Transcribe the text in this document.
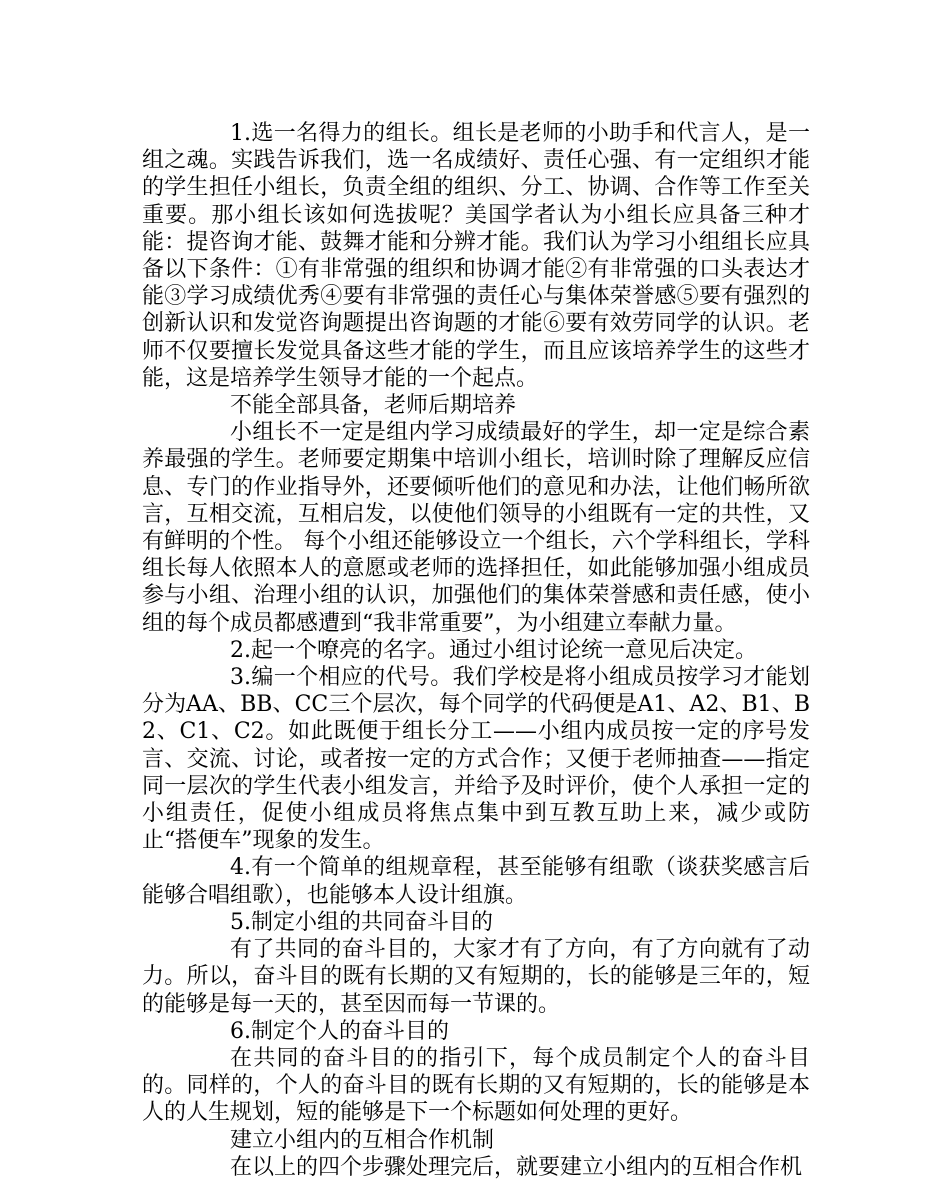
1.选一名得力的组长。组长是老师的小助手和代言人，是一组之魂。实践告诉我们，选一名成绩好、责任心强、有一定组织才能的学生担任小组长，负责全组的组织、分工、协调、合作等工作至关重要。那小组长该如何选拔呢？美国学者认为小组长应具备三种才能：提咨询才能、鼓舞才能和分辨才能。我们认为学习小组组长应具备以下条件：①有非常强的组织和协调才能②有非常强的口头表达才能③学习成绩优秀④要有非常强的责任心与集体荣誉感⑤要有强烈的创新认识和发觉咨询题提出咨询题的才能⑥要有效劳同学的认识。老师不仅要擅长发觉具备这些才能的学生，而且应该培养学生的这些才能，这是培养学生领导才能的一个起点。

不能全部具备，老师后期培养

小组长不一定是组内学习成绩最好的学生，却一定是综合素养最强的学生。老师要定期集中培训小组长，培训时除了理解反应信息、专门的作业指导外，还要倾听他们的意见和办法，让他们畅所欲言，互相交流，互相启发，以使他们领导的小组既有一定的共性，又有鲜明的个性。 每个小组还能够设立一个组长，六个学科组长，学科组长每人依照本人的意愿或老师的选择担任，如此能够加强小组成员参与小组、治理小组的认识，加强他们的集体荣誉感和责任感，使小组的每个成员都感遭到“我非常重要”，为小组建立奉献力量。

2.起一个嘹亮的名字。通过小组讨论统一意见后决定。

3.编一个相应的代号。我们学校是将小组成员按学习才能划分为AA、BB、CC三个层次，每个同学的代码便是A1、A2、B1、B2、C1、C2。如此既便于组长分工——小组内成员按一定的序号发言、交流、讨论，或者按一定的方式合作；又便于老师抽查——指定同一层次的学生代表小组发言，并给予及时评价，使个人承担一定的小组责任，促使小组成员将焦点集中到互教互助上来，减少或防止“搭便车”现象的发生。

4.有一个简单的组规章程，甚至能够有组歌（谈获奖感言后能够合唱组歌），也能够本人设计组旗。

5.制定小组的共同奋斗目的

有了共同的奋斗目的，大家才有了方向，有了方向就有了动力。所以，奋斗目的既有长期的又有短期的，长的能够是三年的，短的能够是每一天的，甚至因而每一节课的。

6.制定个人的奋斗目的

在共同的奋斗目的的指引下，每个成员制定个人的奋斗目的。同样的，个人的奋斗目的既有长期的又有短期的，长的能够是本人的人生规划，短的能够是下一个标题如何处理的更好。

建立小组内的互相合作机制

在以上的四个步骤处理完后，就要建立小组内的互相合作机
